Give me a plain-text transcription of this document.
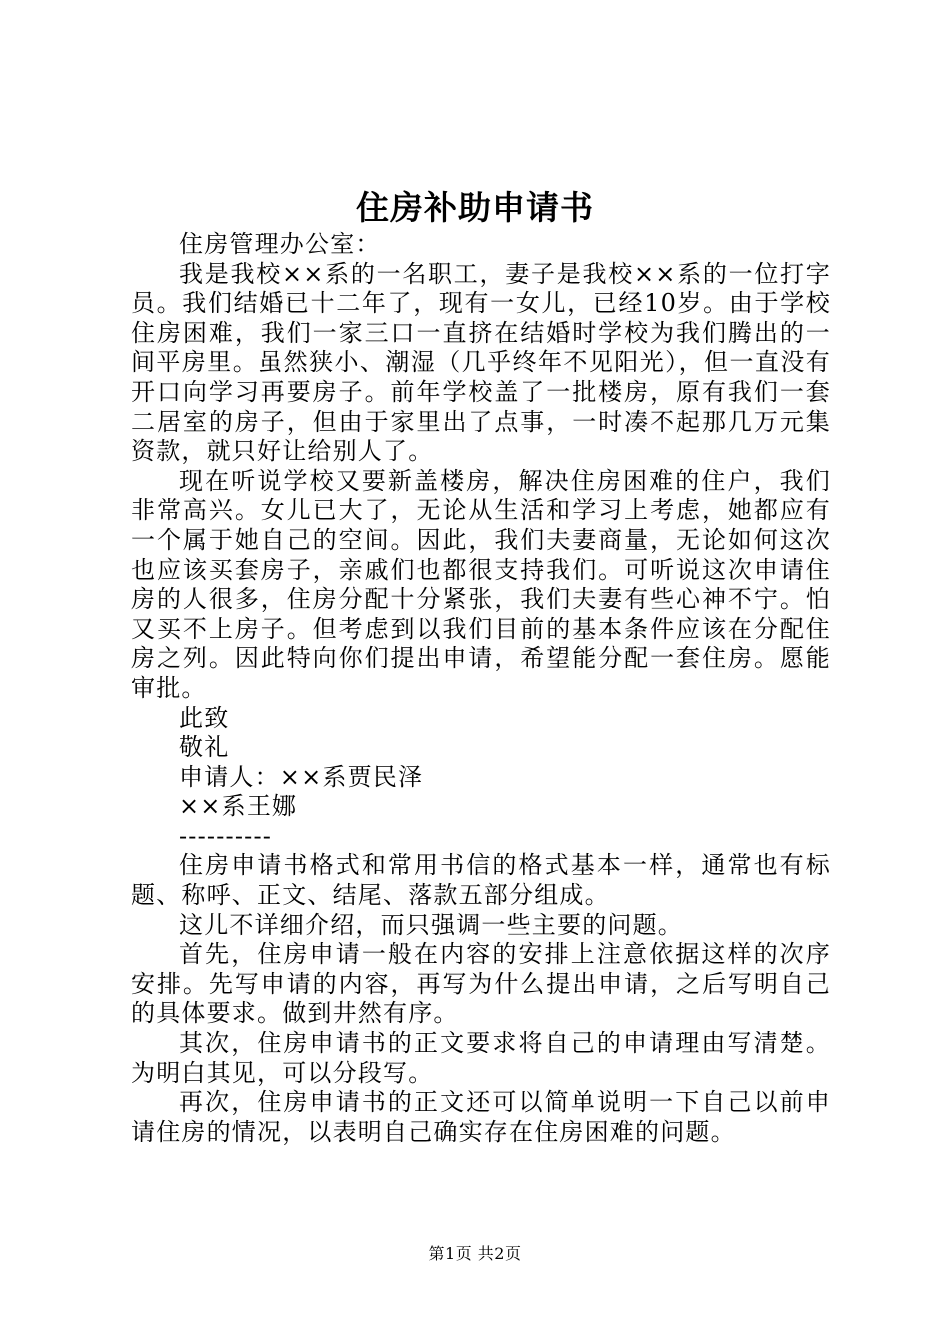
住房补助申请书

住房管理办公室：

我是我校××系的一名职工，妻子是我校××系的一位打字员。我们结婚已十二年了，现有一女儿，已经10岁。由于学校住房困难，我们一家三口一直挤在结婚时学校为我们腾出的一间平房里。虽然狭小、潮湿（几乎终年不见阳光），但一直没有开口向学习再要房子。前年学校盖了一批楼房，原有我们一套二居室的房子，但由于家里出了点事，一时凑不起那几万元集资款，就只好让给别人了。

现在听说学校又要新盖楼房，解决住房困难的住户，我们非常高兴。女儿已大了，无论从生活和学习上考虑，她都应有一个属于她自己的空间。因此，我们夫妻商量，无论如何这次也应该买套房子，亲戚们也都很支持我们。可听说这次申请住房的人很多，住房分配十分紧张，我们夫妻有些心神不宁。怕又买不上房子。但考虑到以我们目前的基本条件应该在分配住房之列。因此特向你们提出申请，希望能分配一套住房。愿能审批。

此致

敬礼

申请人：××系贾民泽

××系王娜

----------

住房申请书格式和常用书信的格式基本一样，通常也有标题、称呼、正文、结尾、落款五部分组成。

这儿不详细介绍，而只强调一些主要的问题。

首先，住房申请一般在内容的安排上注意依据这样的次序安排。先写申请的内容，再写为什么提出申请，之后写明自己的具体要求。做到井然有序。

其次，住房申请书的正文要求将自己的申请理由写清楚。为明白其见，可以分段写。

再次，住房申请书的正文还可以简单说明一下自己以前申请住房的情况，以表明自己确实存在住房困难的问题。

第1页 共2页
